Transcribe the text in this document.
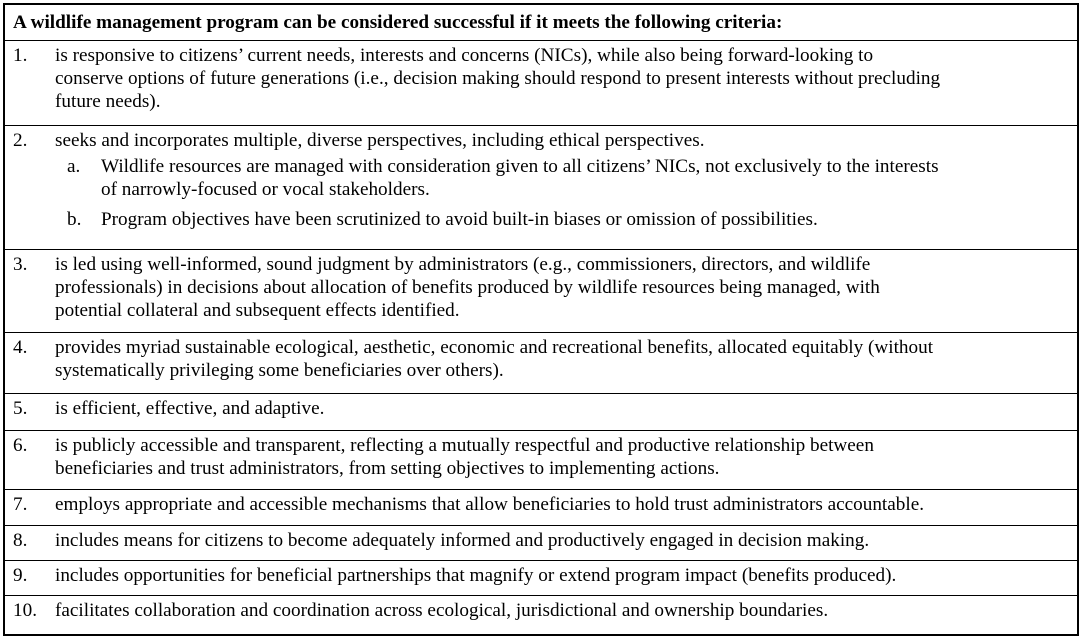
A wildlife management program can be considered successful if it meets the following criteria:
1.	is responsive to citizens’ current needs, interests and concerns (NICs), while also being forward-looking to
conserve options of future generations (i.e., decision making should respond to present interests without precluding
future needs).
2.	seeks and incorporates multiple, diverse perspectives, including ethical perspectives.
a. Wildlife resources are managed with consideration given to all citizens’ NICs, not exclusively to the interests
of narrowly-focused or vocal stakeholders.
b. Program objectives have been scrutinized to avoid built-in biases or omission of possibilities.
3.	is led using well-informed, sound judgment by administrators (e.g., commissioners, directors, and wildlife
professionals) in decisions about allocation of benefits produced by wildlife resources being managed, with
potential collateral and subsequent effects identified.
4.	provides myriad sustainable ecological, aesthetic, economic and recreational benefits, allocated equitably (without
systematically privileging some beneficiaries over others).
5.	is efficient, effective, and adaptive.
6.	is publicly accessible and transparent, reflecting a mutually respectful and productive relationship between
beneficiaries and trust administrators, from setting objectives to implementing actions.
7.	employs appropriate and accessible mechanisms that allow beneficiaries to hold trust administrators accountable.
8.	includes means for citizens to become adequately informed and productively engaged in decision making.
9.	includes opportunities for beneficial partnerships that magnify or extend program impact (benefits produced).
10. facilitates collaboration and coordination across ecological, jurisdictional and ownership boundaries.
